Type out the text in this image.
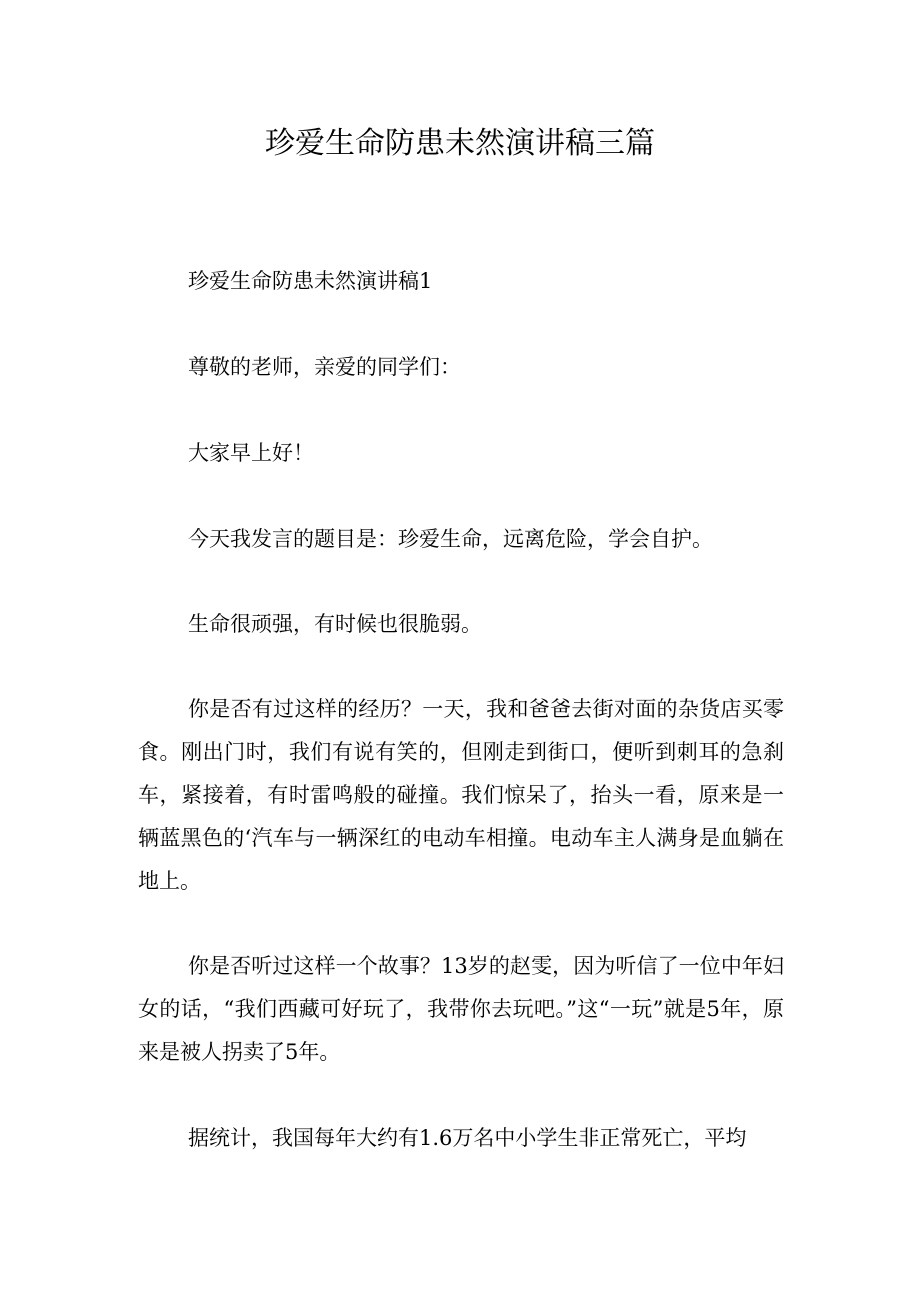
珍爱生命防患未然演讲稿三篇

珍爱生命防患未然演讲稿1

尊敬的老师，亲爱的同学们：

大家早上好！

今天我发言的题目是：珍爱生命，远离危险，学会自护。

生命很顽强，有时候也很脆弱。

你是否有过这样的经历？一天，我和爸爸去街对面的杂货店买零食。刚出门时，我们有说有笑的，但刚走到街口，便听到刺耳的急刹车，紧接着，有时雷鸣般的碰撞。我们惊呆了，抬头一看，原来是一辆蓝黑色的‘汽车与一辆深红的电动车相撞。电动车主人满身是血躺在地上。

你是否听过这样一个故事？13岁的赵雯，因为听信了一位中年妇女的话，“我们西藏可好玩了，我带你去玩吧。”这“一玩”就是5年，原来是被人拐卖了5年。

据统计，我国每年大约有1.6万名中小学生非正常死亡，平均
